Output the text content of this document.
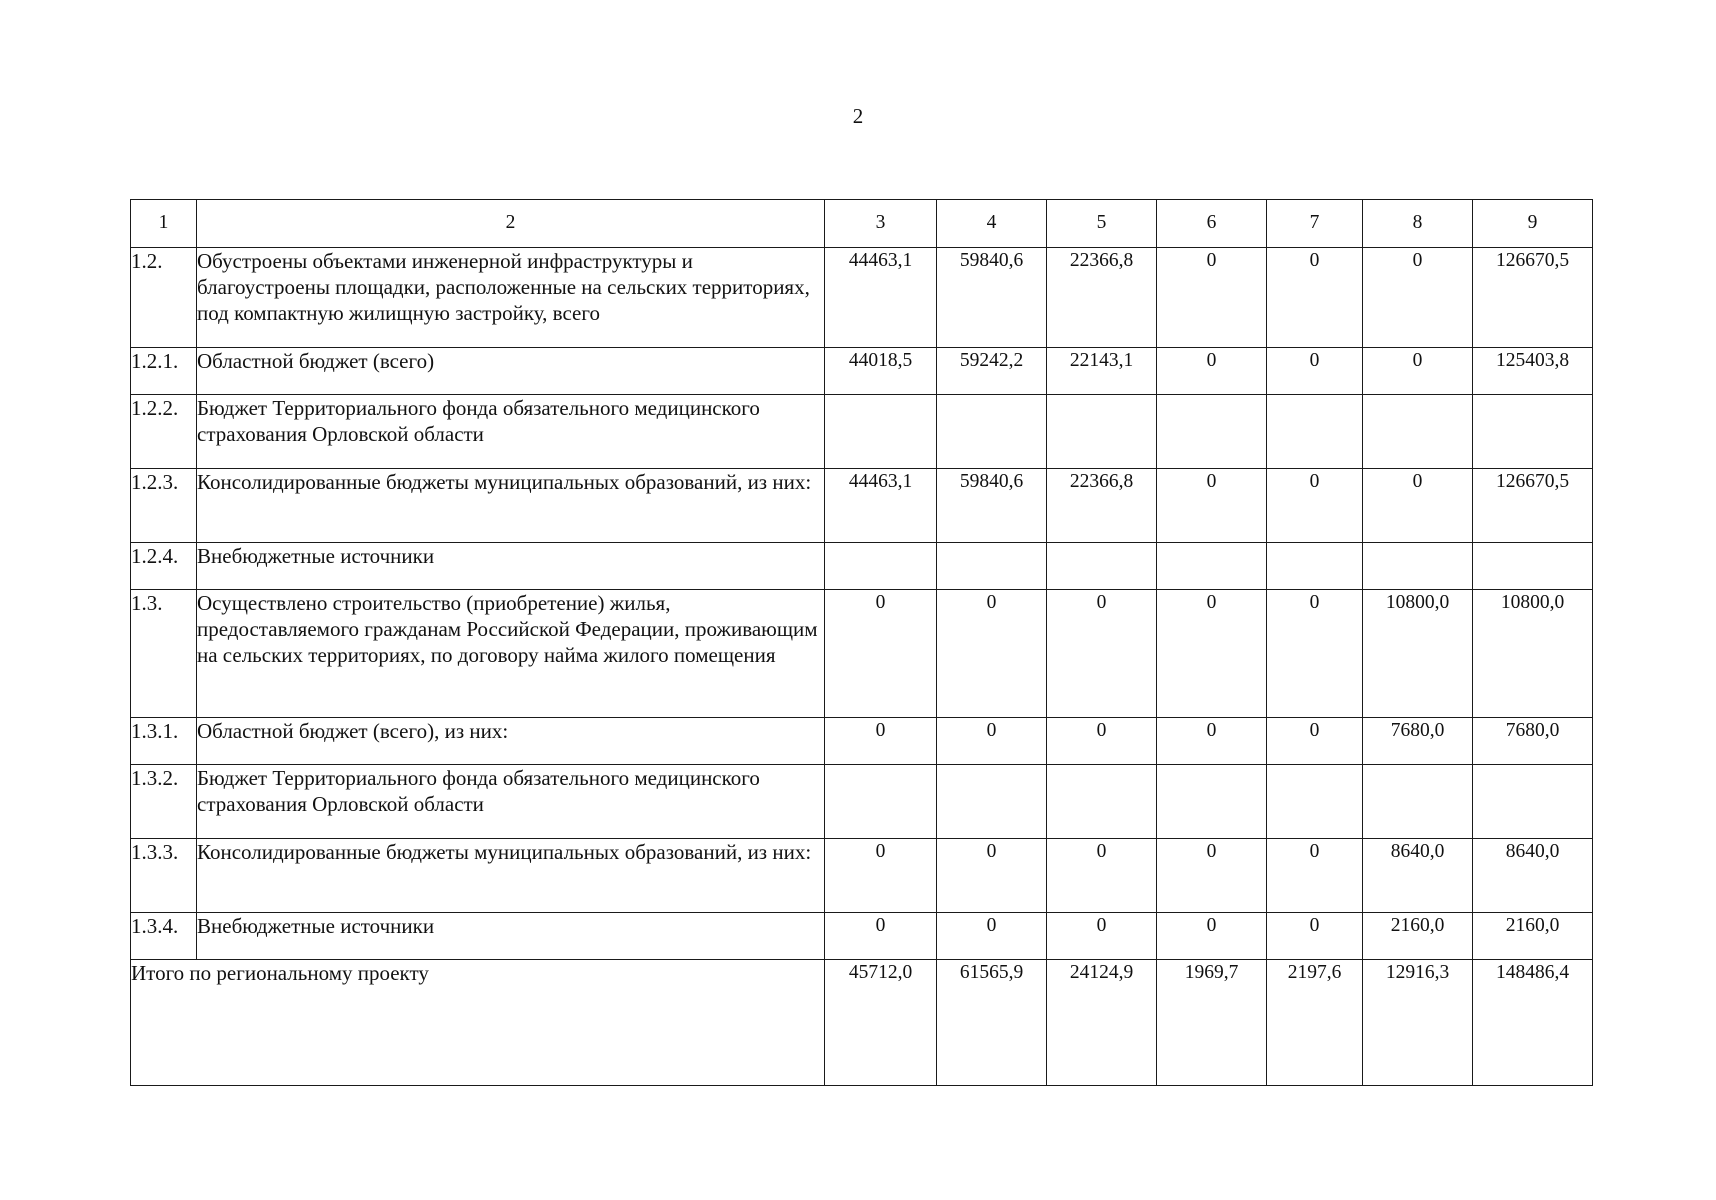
2
1	2	3	4	5	6	7	8	9
1.2.	Обустроены объектами инженерной инфраструктуры и благоустроены площадки, расположенные на сельских территориях, под компактную жилищную застройку, всего	44463,1	59840,6	22366,8	0	0	0	126670,5
1.2.1.	Областной бюджет (всего)	44018,5	59242,2	22143,1	0	0	0	125403,8
1.2.2.	Бюджет Территориального фонда обязательного медицинского страхования Орловской области							
1.2.3.	Консолидированные бюджеты муниципальных образований, из них:	44463,1	59840,6	22366,8	0	0	0	126670,5
1.2.4.	Внебюджетные источники							
1.3.	Осуществлено строительство (приобретение) жилья, предоставляемого гражданам Российской Федерации, проживающим на сельских территориях, по договору найма жилого помещения	0	0	0	0	0	10800,0	10800,0
1.3.1.	Областной бюджет (всего), из них:	0	0	0	0	0	7680,0	7680,0
1.3.2.	Бюджет Территориального фонда обязательного медицинского страхования Орловской области							
1.3.3.	Консолидированные бюджеты муниципальных образований, из них:	0	0	0	0	0	8640,0	8640,0
1.3.4.	Внебюджетные источники	0	0	0	0	0	2160,0	2160,0
Итого по региональному проекту		45712,0	61565,9	24124,9	1969,7	2197,6	12916,3	148486,4
